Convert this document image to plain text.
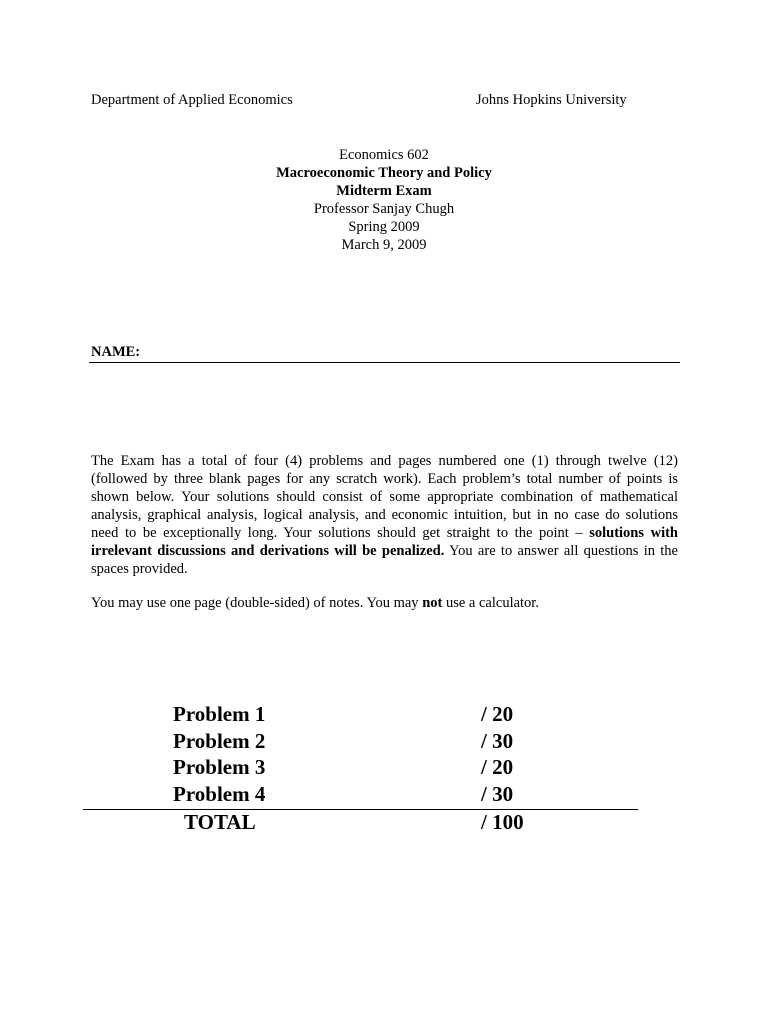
Department of Applied Economics	Johns Hopkins University
Economics 602
Macroeconomic Theory and Policy
Midterm Exam
Professor Sanjay Chugh
Spring 2009
March 9, 2009
NAME:
The Exam has a total of four (4) problems and pages numbered one (1) through twelve (12) (followed by three blank pages for any scratch work). Each problem’s total number of points is shown below. Your solutions should consist of some appropriate combination of mathematical analysis, graphical analysis, logical analysis, and economic intuition, but in no case do solutions need to be exceptionally long. Your solutions should get straight to the point – solutions with irrelevant discussions and derivations will be penalized. You are to answer all questions in the spaces provided.
You may use one page (double-sided) of notes. You may not use a calculator.
Problem 1	/ 20
Problem 2	/ 30
Problem 3	/ 20
Problem 4	/ 30
TOTAL	/ 100
